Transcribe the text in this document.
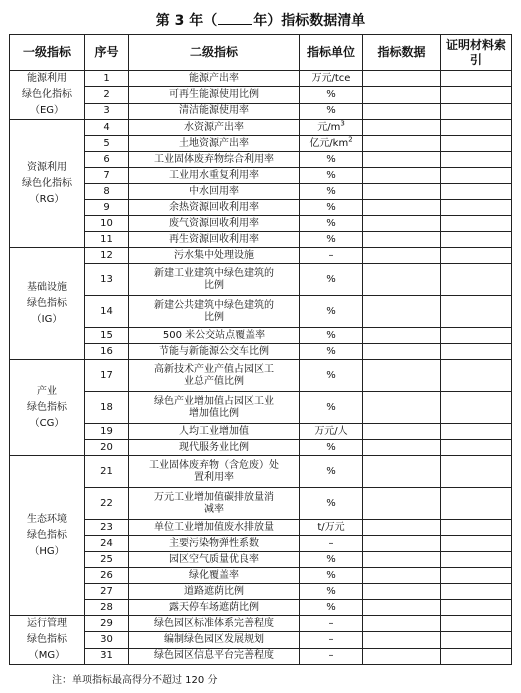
第 3 年（	年）指标数据清单
一级指标	序号	二级指标	指标单位	指标数据	证明材料索引
能源利用
绿色化指标
（EG）	1	能源产出率	万元/tce		
	2	可再生能源使用比例	%		
	3	清洁能源使用率	%		
资源利用
绿色化指标
（RG）	4	水资源产出率	元$/m^3$		
	5	土地资源产出率	亿元$/km^2$		
	6	工业固体废弃物综合利用率	%		
	7	工业用水重复利用率	%		
	8	中水回用率	%		
	9	余热资源回收利用率	%		
	10	废气资源回收利用率	%		
	11	再生资源回收利用率	%		
基础设施
绿色指标
（IG）	12	污水集中处理设施	–		
	13	新建工业建筑中绿色建筑的
比例	%		
	14	新建公共建筑中绿色建筑的
比例	%		
	15	500 米公交站点覆盖率	%		
	16	节能与新能源公交车比例	%		
产业
绿色指标
（CG）	17	高新技术产业产值占园区工
业总产值比例	%		
	18	绿色产业增加值占园区工业
增加值比例	%		
	19	人均工业增加值	万元/人		
	20	现代服务业比例	%		
生态环境
绿色指标
（HG）	21	工业固体废弃物（含危废）处
置利用率	%		
	22	万元工业增加值碳排放量消
减率	%		
	23	单位工业增加值废水排放量	t/万元		
	24	主要污染物弹性系数	–		
	25	园区空气质量优良率	%		
	26	绿化覆盖率	%		
	27	道路遮荫比例	%		
	28	露天停车场遮荫比例	%		
运行管理
绿色指标
（MG）	29	绿色园区标准体系完善程度	–		
	30	编制绿色园区发展规划	–		
	31	绿色园区信息平台完善程度	–		
注：单项指标最高得分不超过 120 分
